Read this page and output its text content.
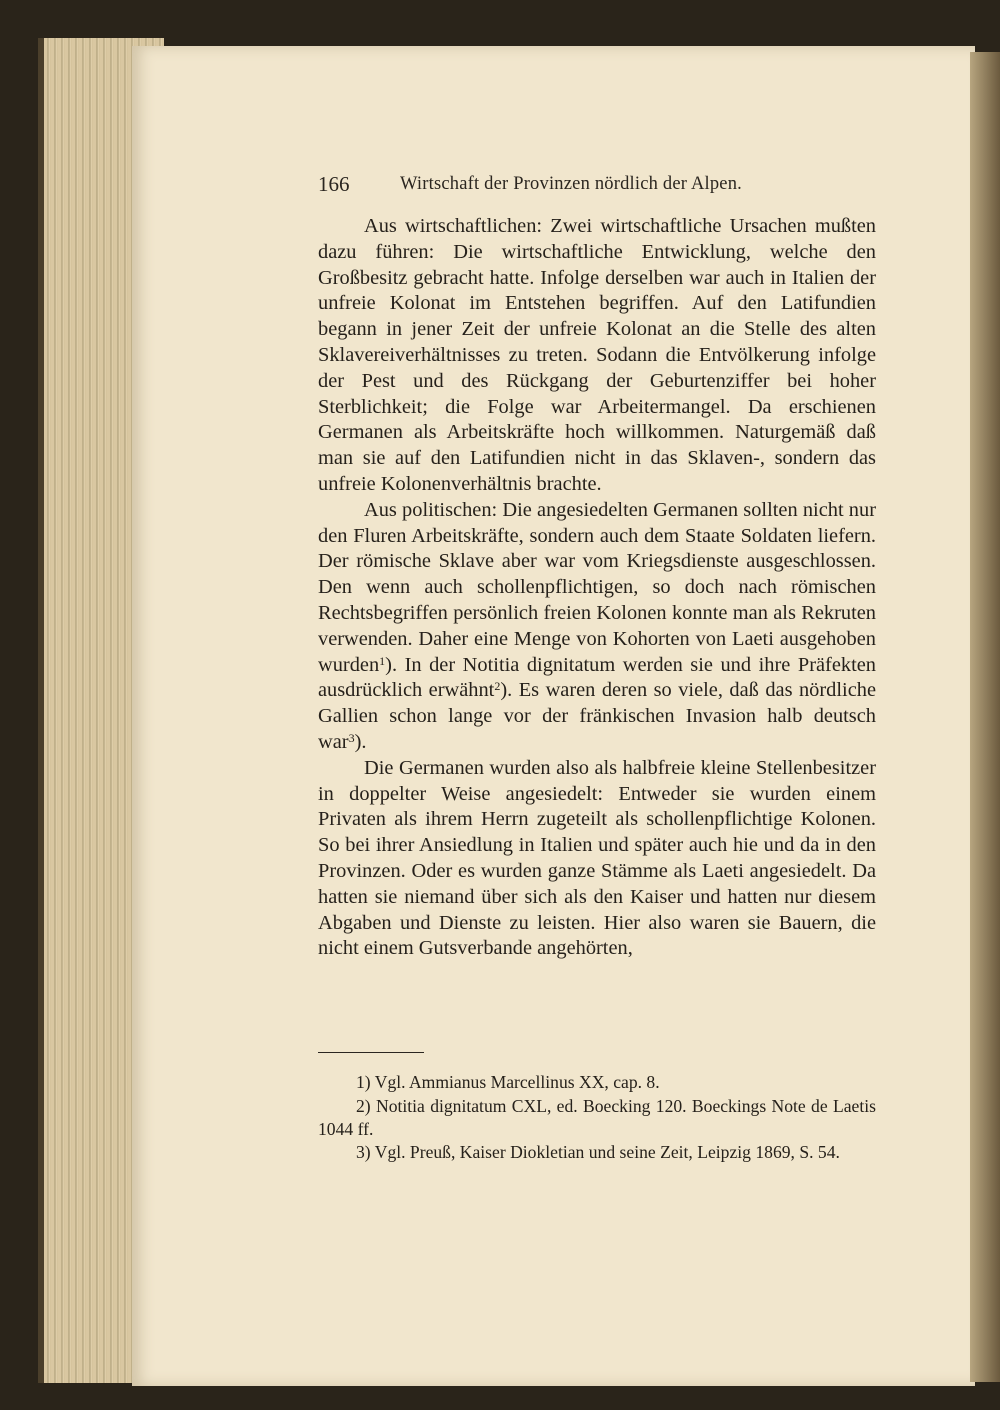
166	Wirtschaft der Provinzen nördlich der Alpen.

Aus wirtschaftlichen: Zwei wirtschaftliche Ursachen mußten dazu führen: Die wirtschaftliche Entwicklung, welche den Großbesitz gebracht hatte. Infolge derselben war auch in Italien der unfreie Kolonat im Entstehen begriffen. Auf den Latifundien begann in jener Zeit der unfreie Kolonat an die Stelle des alten Sklavereiverhältnisses zu treten. Sodann die Entvölkerung infolge der Pest und des Rückgang der Geburtenziffer bei hoher Sterblichkeit; die Folge war Arbeitermangel. Da erschienen Germanen als Arbeitskräfte hoch willkommen. Naturgemäß daß man sie auf den Latifundien nicht in das Sklaven-, sondern das unfreie Kolonenverhältnis brachte.

Aus politischen: Die angesiedelten Germanen sollten nicht nur den Fluren Arbeitskräfte, sondern auch dem Staate Soldaten liefern. Der römische Sklave aber war vom Kriegsdienste ausgeschlossen. Den wenn auch schollenpflichtigen, so doch nach römischen Rechtsbegriffen persönlich freien Kolonen konnte man als Rekruten verwenden. Daher eine Menge von Kohorten von Laeti ausgehoben wurden$^1$). In der Notitia dignitatum werden sie und ihre Präfekten ausdrücklich erwähnt$^2$). Es waren deren so viele, daß das nördliche Gallien schon lange vor der fränkischen Invasion halb deutsch war$^3$).

Die Germanen wurden also als halbfreie kleine Stellenbesitzer in doppelter Weise angesiedelt: Entweder sie wurden einem Privaten als ihrem Herrn zugeteilt als schollenpflichtige Kolonen. So bei ihrer Ansiedlung in Italien und später auch hie und da in den Provinzen. Oder es wurden ganze Stämme als Laeti angesiedelt. Da hatten sie niemand über sich als den Kaiser und hatten nur diesem Abgaben und Dienste zu leisten. Hier also waren sie Bauern, die nicht einem Gutsverbande angehörten,

1) Vgl. Ammianus Marcellinus XX, cap. 8.

2) Notitia dignitatum CXL, ed. Boecking 120. Boeckings Note de Laetis 1044 ff.

3) Vgl. Preuß, Kaiser Diokletian und seine Zeit, Leipzig 1869, S. 54.
